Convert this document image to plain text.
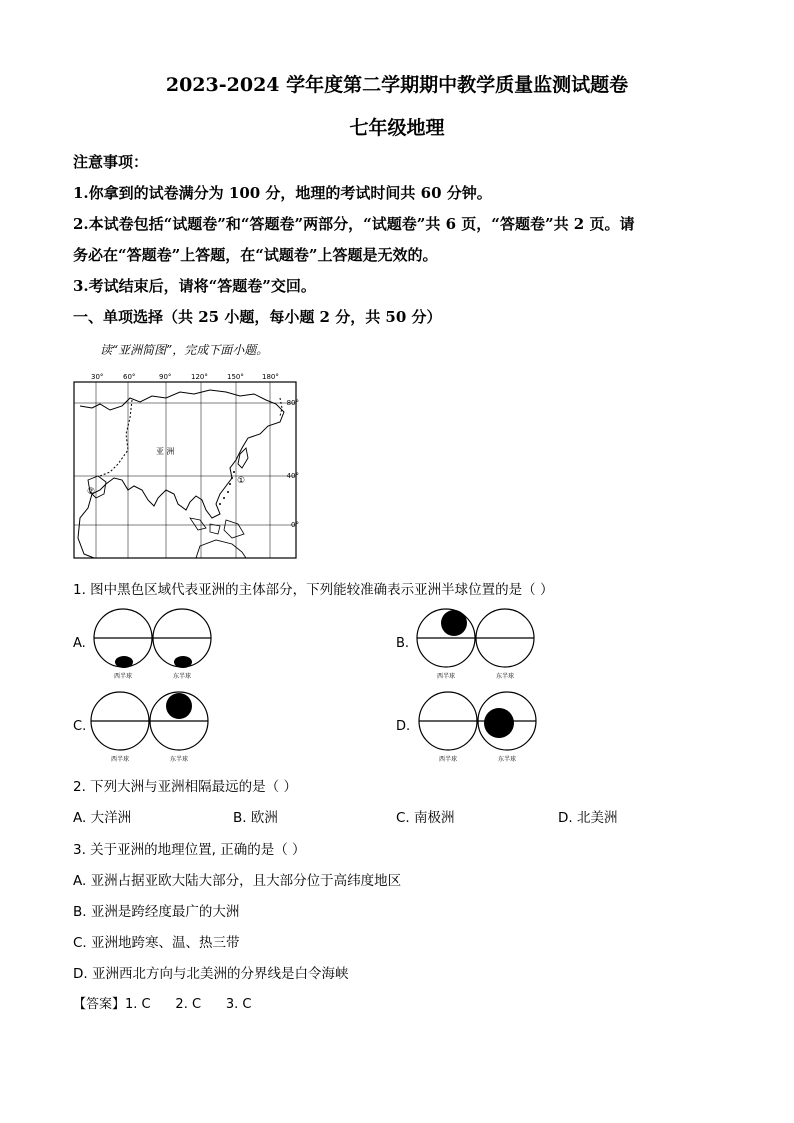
2023-2024 学年度第二学期期中教学质量监测试题卷
七年级地理
注意事项：
1.你拿到的试卷满分为 100 分，地理的考试时间共 60 分钟。
2.本试卷包括“试题卷”和“答题卷”两部分，“试题卷”共 6 页，“答题卷”共 2 页。请
务必在“答题卷”上答题，在“试题卷”上答题是无效的。
3.考试结束后，请将“答题卷”交回。
一、单项选择（共 25 小题，每小题 2 分，共 50 分）
读“亚洲简图”，完成下面小题。
30°	60°	90°	120°	150°	180°
80°
40°
0°
亚 洲
①
②
1. 图中黑色区域代表亚洲的主体部分，下列能较准确表示亚洲半球位置的是（ ）
A.
西半球	东半球
B.
西半球	东半球
C.
西半球	东半球
D.
西半球	东半球
2. 下列大洲与亚洲相隔最远的是（ ）
A. 大洋洲	B. 欧洲	C. 南极洲	D. 北美洲
3. 关于亚洲的地理位置, 正确的是（ ）
A. 亚洲占据亚欧大陆大部分，且大部分位于高纬度地区
B. 亚洲是跨经度最广的大洲
C. 亚洲地跨寒、温、热三带
D. 亚洲西北方向与北美洲的分界线是白令海峡
【答案】1. C      2. C      3. C
